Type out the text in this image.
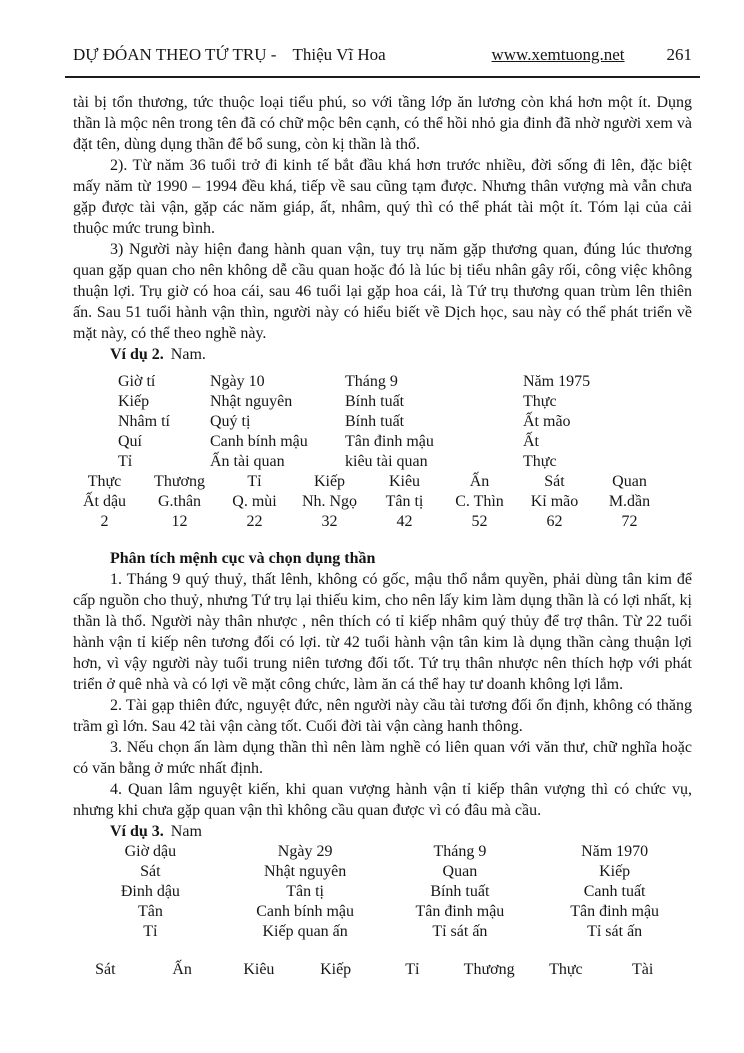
DỰ ĐÓAN THEO TỨ TRỤ - Thiệu Vĩ Hoa	www.xemtuong.net 261

tài bị tổn thương, tức thuộc loại tiểu phú, so với tầng lớp ăn lương còn khá hơn một ít. Dụng thần là mộc nên trong tên đã có chữ mộc bên cạnh, có thể hồi nhỏ gia đinh đã nhờ người xem và đặt tên, dùng dụng thần để bổ sung, còn kị thần là thổ.

2). Từ năm 36 tuổi trở đi kinh tế bắt đầu khá hơn trước nhiều, đời sống đi lên, đặc biệt mấy năm từ 1990 – 1994 đều khá, tiếp về sau cũng tạm được. Nhưng thân vượng mà vẫn chưa gặp được tài vận, gặp các năm giáp, ất, nhâm, quý thì có thể phát tài một ít. Tóm lại của cải thuộc mức trung bình.

3) Người này hiện đang hành quan vận, tuy trụ năm gặp thương quan, đúng lúc thương quan gặp quan cho nên không dễ cầu quan hoặc đó là lúc bị tiểu nhân gây rối, công việc không thuận lợi. Trụ giờ có hoa cái, sau 46 tuổi lại gặp hoa cái, là Tứ trụ thương quan trùm lên thiên ấn. Sau 51 tuổi hành vận thìn, người này có hiểu biết về Dịch học, sau này có thể phát triển về mặt này, có thể theo nghề này.

Ví dụ 2. Nam.

Giờ tí	Ngày 10	Tháng 9	Năm 1975
Kiếp	Nhật nguyên	Bính tuất	Thực
Nhâm tí	Quý tị	Bính tuất	Ất mão
Quí	Canh bính mậu	Tân đinh mậu	Ất
Tỉ	Ấn tài quan	kiêu tài quan	Thực
Thực	Thương	Tỉ	Kiếp	Kiêu	Ấn	Sát	Quan
Ất dậu	G.thân	Q. mùi	Nh. Ngọ	Tân tị	C. Thìn	Kỉ mão	M.dần
2	12	22	32	42	52	62	72

Phân tích mệnh cục và chọn dụng thần

1. Tháng 9 quý thuỷ, thất lênh, không có gốc, mậu thổ nắm quyền, phải dùng tân kim để cấp nguồn cho thuỷ, nhưng Tứ trụ lại thiếu kim, cho nên lấy kim làm dụng thần là có lợi nhất, kị thần là thổ. Người này thân nhược , nên thích có tỉ kiếp nhâm quý thủy để trợ thân. Từ 22 tuổi hành vận tỉ kiếp nên tương đối có lợi. từ 42 tuổi hành vận tân kim là dụng thần càng thuận lợi hơn, vì vậy người này tuổi trung niên tương đối tốt. Tứ trụ thân nhược nên thích hợp với phát triển ở quê nhà và có lợi về mặt công chức, làm ăn cá thể hay tư doanh không lợi lắm.

2. Tài gạp thiên đức, nguyệt đức, nên người này cầu tài tương đối ổn định, không có thăng trầm gì lớn. Sau 42 tài vận càng tốt. Cuối đời tài vận càng hanh thông.

3. Nếu chọn ấn làm dụng thần thì nên làm nghề có liên quan với văn thư, chữ nghĩa hoặc có văn bằng ở mức nhất định.

4. Quan lâm nguyệt kiến, khi quan vượng hành vận tỉ kiếp thân vượng thì có chức vụ, nhưng khi chưa gặp quan vận thì không cầu quan được vì có đâu mà cầu.

Ví dụ 3. Nam

Giờ dậu	Ngày 29	Tháng 9	Năm 1970
Sát	Nhật nguyên	Quan	Kiếp
Đinh dậu	Tân tị	Bính tuất	Canh tuất
Tân	Canh bính mậu	Tân đinh mậu	Tân đinh mậu
Tỉ	Kiếp quan ấn	Tỉ sát ấn	Tỉ sát ấn
Sát	Ấn	Kiêu	Kiếp	Tỉ	Thương	Thực	Tài
